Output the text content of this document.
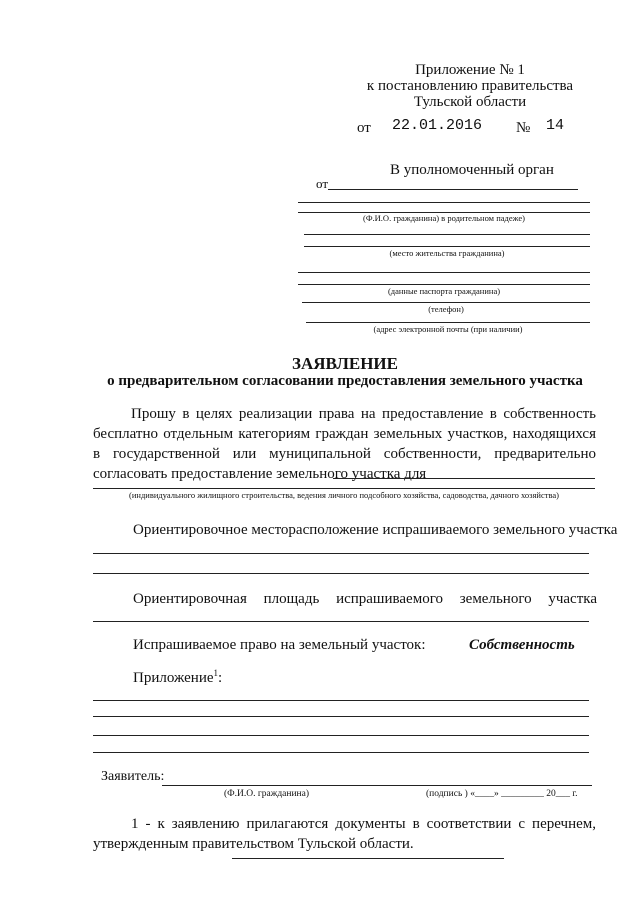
Приложение № 1
к постановлению правительства
Тульской области
от 22.01.2016 № 14
В уполномоченный орган
от
(Ф.И.О. гражданина) в родительном падеже)
(место жительства гражданина)
(данные паспорта гражданина)
(телефон)
(адрес электронной почты (при наличии)
ЗАЯВЛЕНИЕ
о предварительном согласовании предоставления земельного участка
Прошу в целях реализации права на предоставление в собственность бесплатно отдельным категориям граждан земельных участков, находящихся в государственной или муниципальной собственности, предварительно согласовать предоставление земельного участка для
(индивидуального жилищного строительства, ведения личного подсобного хозяйства, садоводства, дачного хозяйства)
Ориентировочное месторасположение испрашиваемого земельного участка
Ориентировочная площадь испрашиваемого земельного участка
Испрашиваемое право на земельный участок:	Собственность
Приложение$^1$:
Заявитель:
(Ф.И.О. гражданина)	(подпись ) «____» _________ 20___ г.
1 - к заявлению прилагаются документы в соответствии с перечнем, утвержденным правительством Тульской области.
